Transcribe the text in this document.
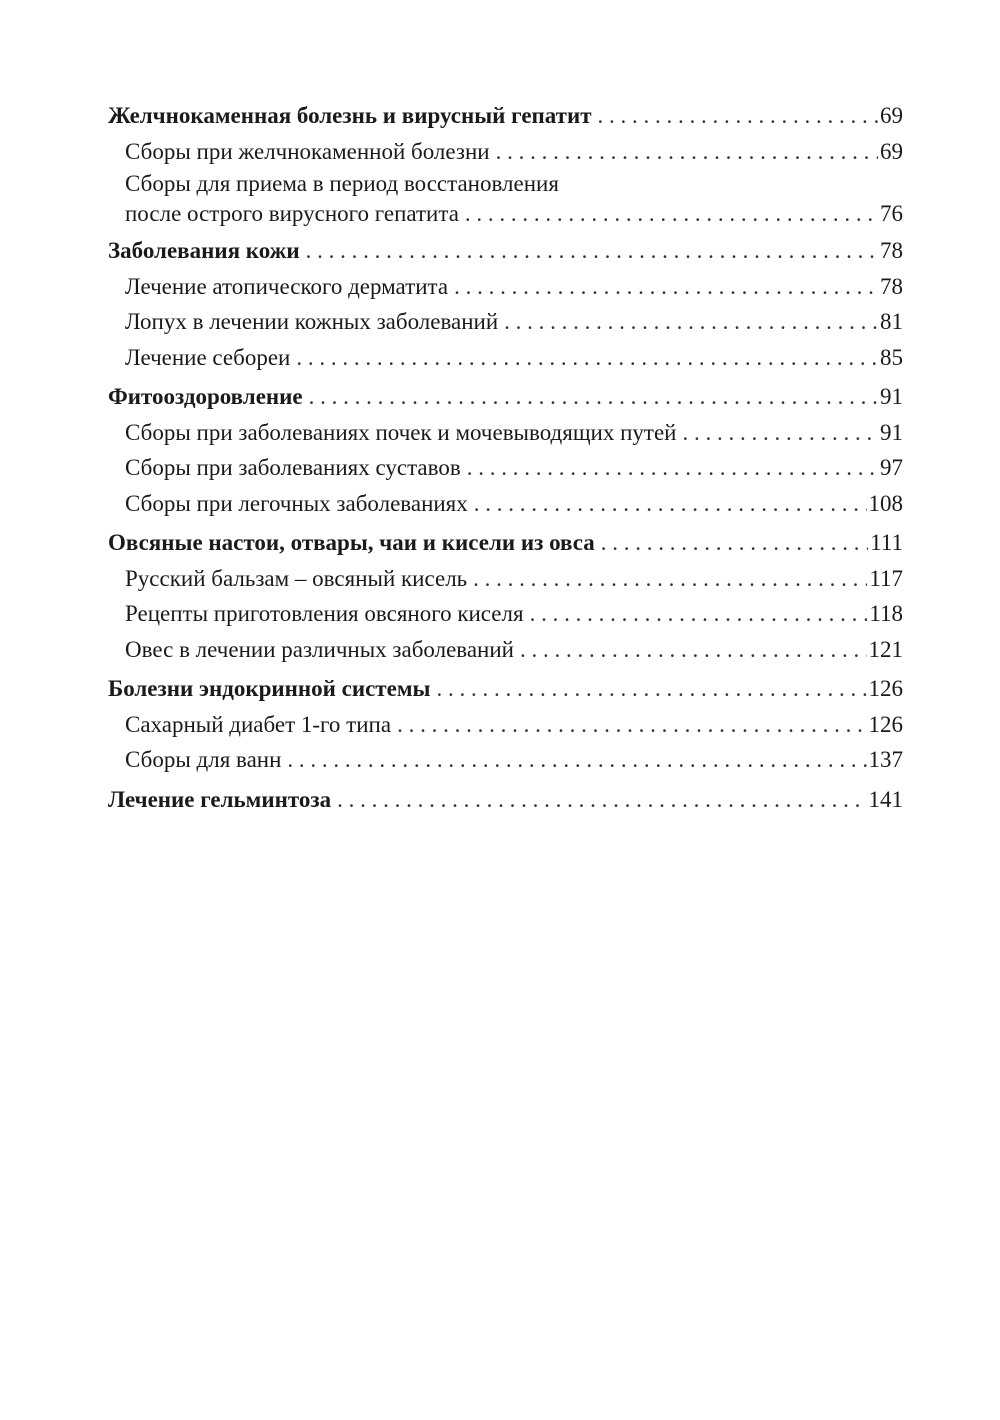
Желчнокаменная болезнь и вирусный гепатит . . .	69
Сборы при желчнокаменной болезни . . .	69
Сборы для приема в период восстановления
после острого вирусного гепатита . . .	76
Заболевания кожи . . .	78
Лечение атопического дерматита . . .	78
Лопух в лечении кожных заболеваний . . .	81
Лечение себореи . . .	85
Фитооздоровление . . .	91
Сборы при заболеваниях почек и мочевыводящих путей . . .	91
Сборы при заболеваниях суставов . . .	97
Сборы при легочных заболеваниях . . .	108
Овсяные настои, отвары, чаи и кисели из овса . . .	111
Русский бальзам – овсяный кисель . . .	117
Рецепты приготовления овсяного киселя . . .	118
Овес в лечении различных заболеваний . . .	121
Болезни эндокринной системы . . .	126
Сахарный диабет 1-го типа . . .	126
Сборы для ванн . . .	137
Лечение гельминтоза . . .	141
